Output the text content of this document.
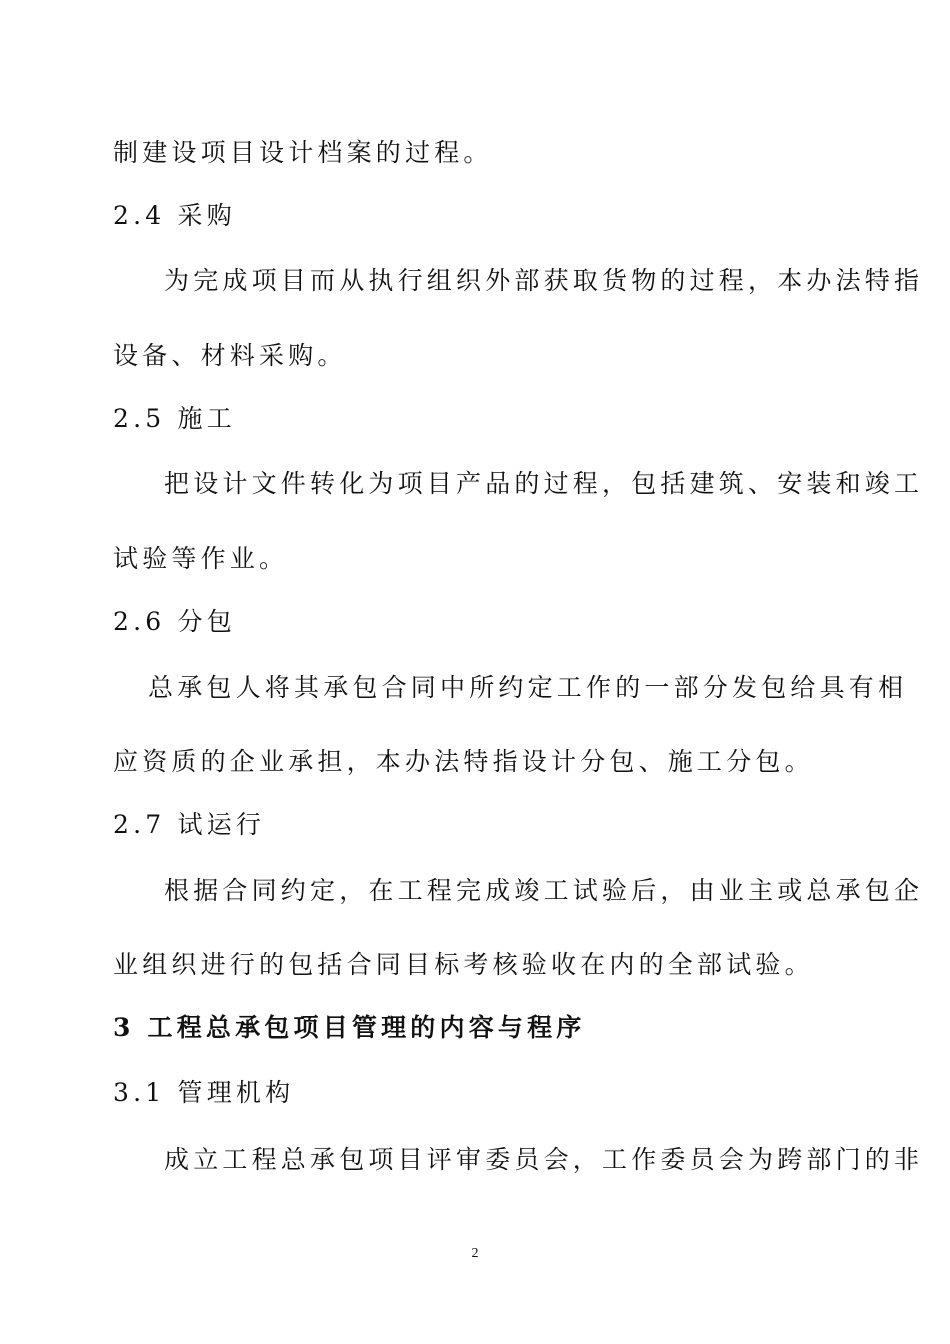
制建设项目设计档案的过程。
2.4 采购
为完成项目而从执行组织外部获取货物的过程，本办法特指
设备、材料采购。
2.5 施工
把设计文件转化为项目产品的过程，包括建筑、安装和竣工
试验等作业。
2.6 分包
总承包人将其承包合同中所约定工作的一部分发包给具有相
应资质的企业承担，本办法特指设计分包、施工分包。
2.7 试运行
根据合同约定，在工程完成竣工试验后，由业主或总承包企
业组织进行的包括合同目标考核验收在内的全部试验。
3 工程总承包项目管理的内容与程序
3.1 管理机构
成立工程总承包项目评审委员会，工作委员会为跨部门的非
2
